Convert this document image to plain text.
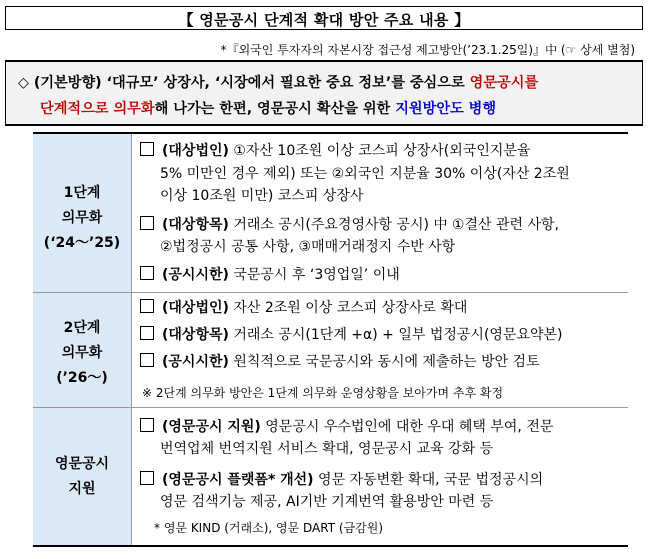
【 영문공시 단계적 확대 방안 주요 내용 】
*『외국인 투자자의 자본시장 접근성 제고방안(’23.1.25일)』中 (☞ 상세 별첨)
◇ (기본방향) ‘대규모’ 상장사, ‘시장에서 필요한 중요 정보’를 중심으로 영문공시를
단계적으로 의무화해 나가는 한편, 영문공시 확산을 위한 지원방안도 병행
1단계
의무화
(‘24～’25)
(대상법인) ①자산 10조원 이상 코스피 상장사(외국인지분율
5% 미만인 경우 제외) 또는 ②외국인 지분율 30% 이상(자산 2조원
이상 10조원 미만) 코스피 상장사
(대상항목) 거래소 공시(주요경영사항 공시) 中 ①결산 관련 사항,
②법정공시 공통 사항, ③매매거래정지 수반 사항
(공시시한) 국문공시 후 ‘3영업일’ 이내
2단계
의무화
(’26～)
(대상법인) 자산 2조원 이상 코스피 상장사로 확대
(대상항목) 거래소 공시(1단계 +α) + 일부 법정공시(영문요약본)
(공시시한) 원칙적으로 국문공시와 동시에 제출하는 방안 검토
※ 2단계 의무화 방안은 1단계 의무화 운영상황을 보아가며 추후 확정
영문공시
지원
(영문공시 지원) 영문공시 우수법인에 대한 우대 혜택 부여, 전문
번역업체 번역지원 서비스 확대, 영문공시 교육 강화 등
(영문공시 플랫폼* 개선) 영문 자동변환 확대, 국문 법정공시의
영문 검색기능 제공, AI기반 기계번역 활용방안 마련 등
* 영문 KIND (거래소), 영문 DART (금감원)
